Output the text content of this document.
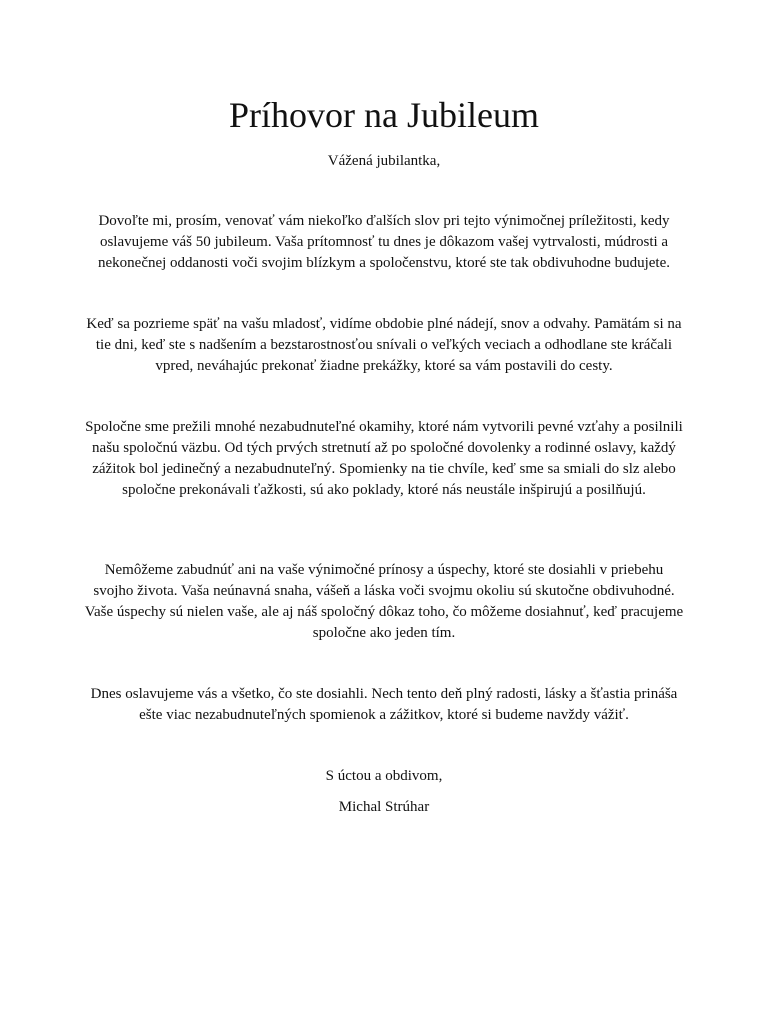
Príhovor na Jubileum

Vážená jubilantka,

Dovoľte mi, prosím, venovať vám niekoľko ďalších slov pri tejto výnimočnej príležitosti, kedy oslavujeme váš 50 jubileum. Vaša prítomnosť tu dnes je dôkazom vašej vytrvalosti, múdrosti a nekonečnej oddanosti voči svojim blízkym a spoločenstvu, ktoré ste tak obdivuhodne budujete.

Keď sa pozrieme späť na vašu mladosť, vidíme obdobie plné nádejí, snov a odvahy. Pamätám si na tie dni, keď ste s nadšením a bezstarostnosťou snívali o veľkých veciach a odhodlane ste kráčali vpred, neváhajúc prekonať žiadne prekážky, ktoré sa vám postavili do cesty.

Spoločne sme prežili mnohé nezabudnuteľné okamihy, ktoré nám vytvorili pevné vzťahy a posilnili našu spoločnú väzbu. Od tých prvých stretnutí až po spoločné dovolenky a rodinné oslavy, každý zážitok bol jedinečný a nezabudnuteľný. Spomienky na tie chvíle, keď sme sa smiali do slz alebo spoločne prekonávali ťažkosti, sú ako poklady, ktoré nás neustále inšpirujú a posilňujú.

Nemôžeme zabudnúť ani na vaše výnimočné prínosy a úspechy, ktoré ste dosiahli v priebehu svojho života. Vaša neúnavná snaha, vášeň a láska voči svojmu okoliu sú skutočne obdivuhodné. Vaše úspechy sú nielen vaše, ale aj náš spoločný dôkaz toho, čo môžeme dosiahnuť, keď pracujeme spoločne ako jeden tím.

Dnes oslavujeme vás a všetko, čo ste dosiahli. Nech tento deň plný radosti, lásky a šťastia prináša ešte viac nezabudnuteľných spomienok a zážitkov, ktoré si budeme navždy vážiť.

S úctou a obdivom,

Michal Strúhar
